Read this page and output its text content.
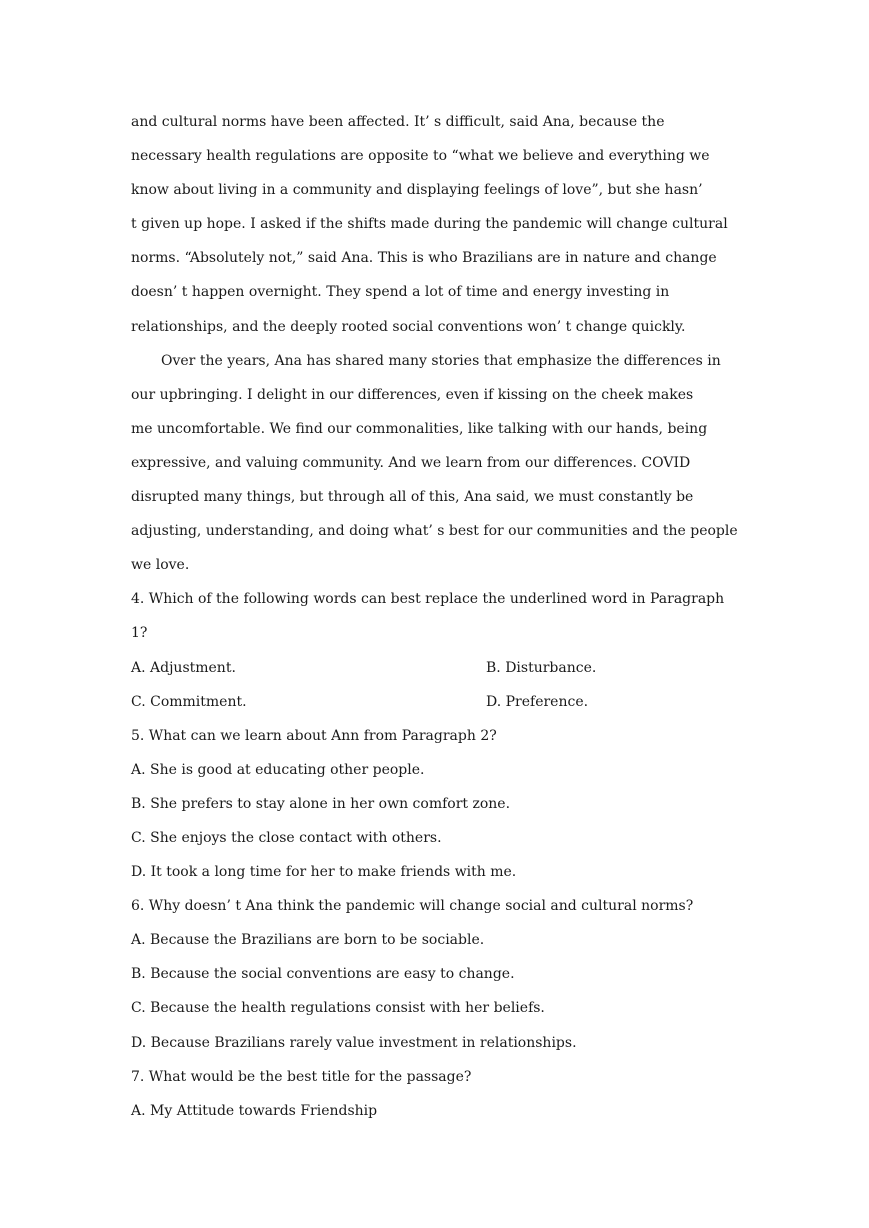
and cultural norms have been affected. It’ s difficult, said Ana, because the
necessary health regulations are opposite to “what we believe and everything we
know about living in a community and displaying feelings of love”, but she hasn’
t given up hope. I asked if the shifts made during the pandemic will change cultural
norms. “Absolutely not,” said Ana. This is who Brazilians are in nature and change
doesn’ t happen overnight. They spend a lot of time and energy investing in
relationships, and the deeply rooted social conventions won’ t change quickly.
Over the years, Ana has shared many stories that emphasize the differences in
our upbringing. I delight in our differences, even if kissing on the cheek makes
me uncomfortable. We find our commonalities, like talking with our hands, being
expressive, and valuing community. And we learn from our differences. COVID
disrupted many things, but through all of this, Ana said, we must constantly be
adjusting, understanding, and doing what’ s best for our communities and the people
we love.
4. Which of the following words can best replace the underlined word in Paragraph
1?
A. Adjustment.	B. Disturbance.
C. Commitment.	D. Preference.
5. What can we learn about Ann from Paragraph 2?
A. She is good at educating other people.
B. She prefers to stay alone in her own comfort zone.
C. She enjoys the close contact with others.
D. It took a long time for her to make friends with me.
6. Why doesn’ t Ana think the pandemic will change social and cultural norms?
A. Because the Brazilians are born to be sociable.
B. Because the social conventions are easy to change.
C. Because the health regulations consist with her beliefs.
D. Because Brazilians rarely value investment in relationships.
7. What would be the best title for the passage?
A. My Attitude towards Friendship
